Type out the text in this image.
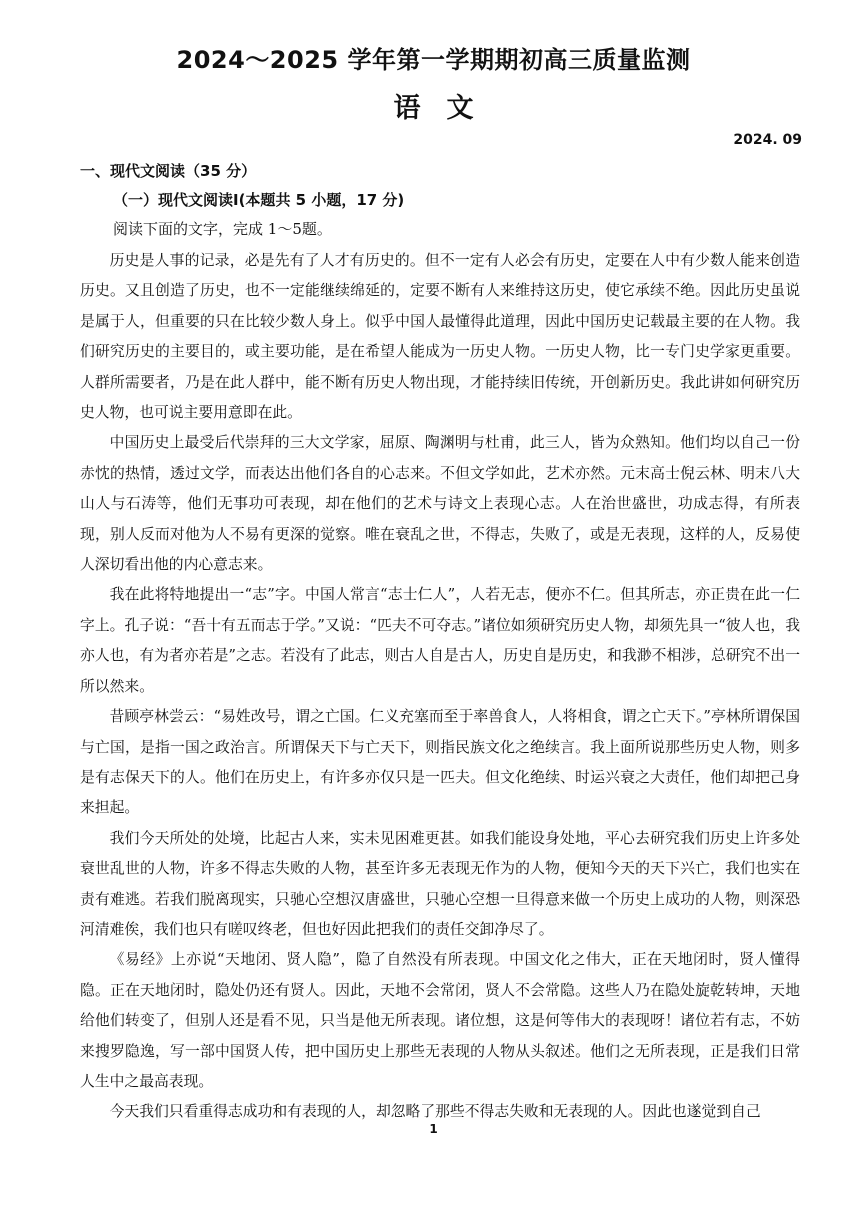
2024～2025 学年第一学期期初高三质量监测
语文
2024. 09
一、现代文阅读（35 分）
（一）现代文阅读Ⅰ(本题共 5 小题，17 分)
阅读下面的文字，完成 1～5题。

历史是人事的记录，必是先有了人才有历史的。但不一定有人必会有历史，定要在人中有少数人能来创造历史。又且创造了历史，也不一定能继续绵延的，定要不断有人来维持这历史，使它承续不绝。因此历史虽说是属于人，但重要的只在比较少数人身上。似乎中国人最懂得此道理，因此中国历史记载最主要的在人物。我们研究历史的主要目的，或主要功能，是在希望人能成为一历史人物。一历史人物，比一专门史学家更重要。人群所需要者，乃是在此人群中，能不断有历史人物出现，才能持续旧传统，开创新历史。我此讲如何研究历史人物，也可说主要用意即在此。

中国历史上最受后代崇拜的三大文学家，屈原、陶渊明与杜甫，此三人，皆为众熟知。他们均以自己一份赤忱的热情，透过文学，而表达出他们各自的心志来。不但文学如此，艺术亦然。元末高士倪云林、明末八大山人与石涛等，他们无事功可表现，却在他们的艺术与诗文上表现心志。人在治世盛世，功成志得，有所表现，别人反而对他为人不易有更深的觉察。唯在衰乱之世，不得志，失败了，或是无表现，这样的人，反易使人深切看出他的内心意志来。

我在此将特地提出一“志”字。中国人常言“志士仁人”，人若无志，便亦不仁。但其所志，亦正贵在此一仁字上。孔子说：“吾十有五而志于学。”又说：“匹夫不可夺志。”诸位如须研究历史人物，却须先具一“彼人也，我亦人也，有为者亦若是”之志。若没有了此志，则古人自是古人，历史自是历史，和我渺不相涉，总研究不出一所以然来。

昔顾亭林尝云：“易姓改号，谓之亡国。仁义充塞而至于率兽食人，人将相食，谓之亡天下。”亭林所谓保国与亡国，是指一国之政治言。所谓保天下与亡天下，则指民族文化之绝续言。我上面所说那些历史人物，则多是有志保天下的人。他们在历史上，有许多亦仅只是一匹夫。但文化绝续、时运兴衰之大责任，他们却把己身来担起。

我们今天所处的处境，比起古人来，实未见困难更甚。如我们能设身处地，平心去研究我们历史上许多处衰世乱世的人物，许多不得志失败的人物，甚至许多无表现无作为的人物，便知今天的天下兴亡，我们也实在责有难逃。若我们脱离现实，只驰心空想汉唐盛世，只驰心空想一旦得意来做一个历史上成功的人物，则深恐河清难俟，我们也只有嗟叹终老，但也好因此把我们的责任交卸净尽了。

《易经》上亦说“天地闭、贤人隐”，隐了自然没有所表现。中国文化之伟大，正在天地闭时，贤人懂得隐。正在天地闭时，隐处仍还有贤人。因此，天地不会常闭，贤人不会常隐。这些人乃在隐处旋乾转坤，天地给他们转变了，但别人还是看不见，只当是他无所表现。诸位想，这是何等伟大的表现呀！诸位若有志，不妨来搜罗隐逸，写一部中国贤人传，把中国历史上那些无表现的人物从头叙述。他们之无所表现，正是我们日常人生中之最高表现。

今天我们只看重得志成功和有表现的人，却忽略了那些不得志失败和无表现的人。因此也遂觉到自己

1
